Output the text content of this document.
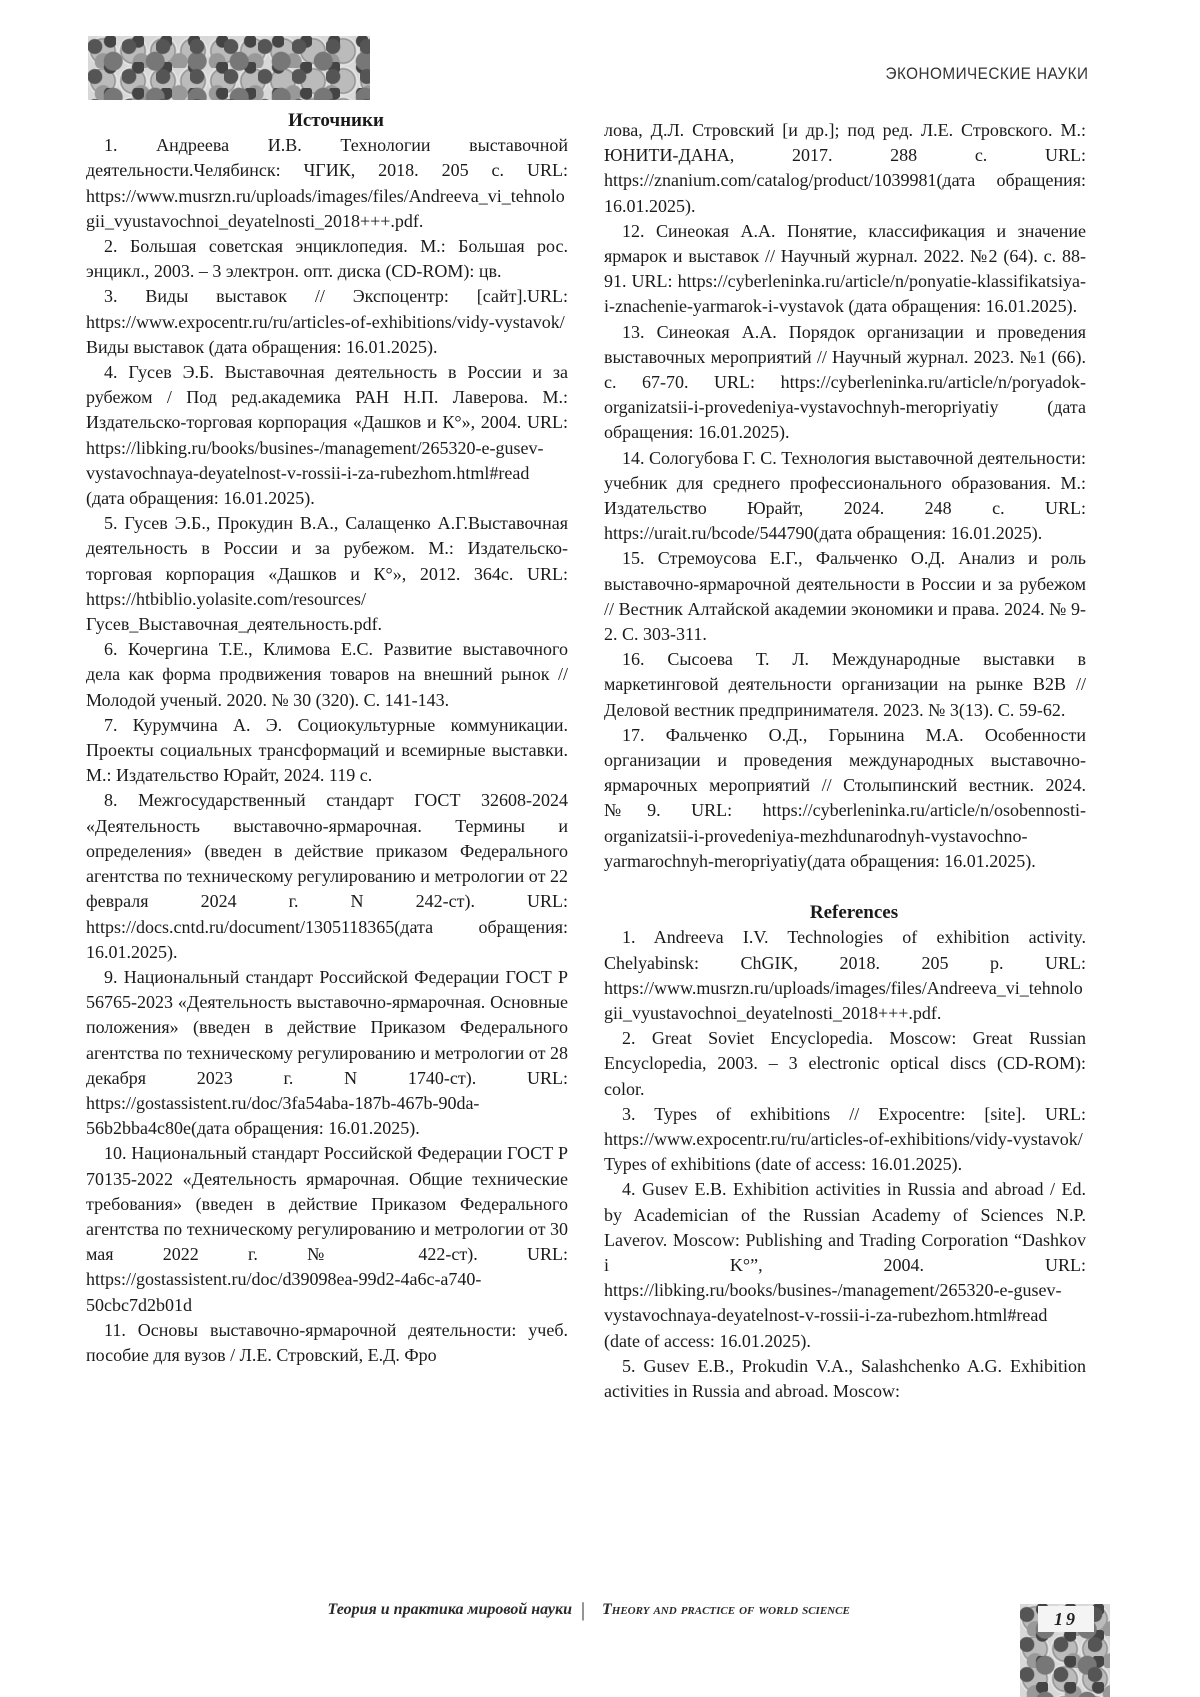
ЭКОНОМИЧЕСКИЕ НАУКИ

Источники

1. Андреева И.В. Технологии выставочной деятельности.Челябинск: ЧГИК, 2018. 205 с. URL: https://www.musrzn.ru/uploads/images/files/Andreeva_vi_tehnologii_vyustavochnoi_deyatelnosti_2018+++.pdf.

2. Большая советская энциклопедия. М.: Большая рос. энцикл., 2003. – 3 электрон. опт. диска (CD-ROM): цв.

3. Виды выставок // Экспоцентр: [сайт].URL: https://www.expocentr.ru/ru/articles-of-exhibitions/vidy-vystavok/ Виды выставок (дата обращения: 16.01.2025).

4. Гусев Э.Б. Выставочная деятельность в России и за рубежом / Под ред.академика РАН Н.П. Лаверова. М.: Издательско-торговая корпорация «Дашков и К°», 2004. URL: https://libking.ru/books/busines-/management/265320-e-gusev-vystavochnaya-deyatelnost-v-rossii-i-za-rubezhom.html#read (дата обращения: 16.01.2025).

5. Гусев Э.Б., Прокудин В.А., Салащенко А.Г.Выставочная деятельность в России и за рубежом. М.: Издательско-торговая корпорация «Дашков и К°», 2012. 364с. URL: https://htbiblio.yolasite.com/resources/Гусев_Выставочная_деятельность.pdf.

6. Кочергина Т.Е., Климова Е.С. Развитие выставочного дела как форма продвижения товаров на внешний рынок // Молодой ученый. 2020. № 30 (320). С. 141-143.

7. Курумчина А. Э. Социокультурные коммуникации. Проекты социальных трансформаций и всемирные выставки. М.: Издательство Юрайт, 2024. 119 с.

8. Межгосударственный стандарт ГОСТ 32608-2024 «Деятельность выставочно-ярмарочная. Термины и определения» (введен в действие приказом Федерального агентства по техническому регулированию и метрологии от 22 февраля 2024 г. N 242-ст). URL: https://docs.cntd.ru/document/1305118365(дата обращения: 16.01.2025).

9. Национальный стандарт Российской Федерации ГОСТ Р 56765-2023 «Деятельность выставочно-ярмарочная. Основные положения» (введен в действие Приказом Федерального агентства по техническому регулированию и метрологии от 28 декабря 2023 г. N 1740-ст). URL: https://gostassistent.ru/doc/3fa54aba-187b-467b-90da-56b2bba4c80e(дата обращения: 16.01.2025).

10. Национальный стандарт Российской Федерации ГОСТ Р 70135-2022 «Деятельность ярмарочная. Общие технические требования» (введен в действие Приказом Федерального агентства по техническому регулированию и метрологии от 30 мая 2022 г. № 422-ст). URL: https://gostassistent.ru/doc/d39098ea-99d2-4a6c-a740-50cbc7d2b01d

11. Основы выставочно-ярмарочной деятельности: учеб. пособие для вузов / Л.Е. Стровский, Е.Д. Фро

лова, Д.Л. Стровский [и др.]; под ред. Л.Е. Стровского. М.: ЮНИТИ-ДАНА, 2017. 288 с. URL: https://znanium.com/catalog/product/1039981(дата обращения: 16.01.2025).

12. Синеокая А.А. Понятие, классификация и значение ярмарок и выставок // Научный журнал. 2022. №2 (64). с. 88-91. URL: https://cyberleninka.ru/article/n/ponyatie-klassifikatsiya-i-znachenie-yarmarok-i-vystavok (дата обращения: 16.01.2025).

13. Синеокая А.А. Порядок организации и проведения выставочных мероприятий // Научный журнал. 2023. №1 (66). с. 67-70. URL: https://cyberleninka.ru/article/n/poryadok-organizatsii-i-provedeniya-vystavochnyh-meropriyatiy (дата обращения: 16.01.2025).

14. Сологубова Г. С. Технология выставочной деятельности: учебник для среднего профессионального образования. М.: Издательство Юрайт, 2024. 248 с. URL: https://urait.ru/bcode/544790(дата обращения: 16.01.2025).

15. Стремоусова Е.Г., Фальченко О.Д. Анализ и роль выставочно-ярмарочной деятельности в России и за рубежом // Вестник Алтайской академии экономики и права. 2024. № 9-2. С. 303-311.

16. Сысоева Т. Л. Международные выставки в маркетинговой деятельности организации на рынке B2B // Деловой вестник предпринимателя. 2023. № 3(13). С. 59-62.

17. Фальченко О.Д., Горынина М.А. Особенности организации и проведения международных выставочно-ярмарочных мероприятий // Столыпинский вестник. 2024. №9. URL: https://cyberleninka.ru/article/n/osobennosti-organizatsii-i-provedeniya-mezhdunarodnyh-vystavochno-yarmarochnyh-meropriyatiy(дата обращения: 16.01.2025).

References

1. Andreeva I.V. Technologies of exhibition activity. Chelyabinsk: ChGIK, 2018. 205 p. URL: https://www.musrzn.ru/uploads/images/files/Andreeva_vi_tehnologii_vyustavochnoi_deyatelnosti_2018+++.pdf.

2. Great Soviet Encyclopedia. Moscow: Great Russian Encyclopedia, 2003. – 3 electronic optical discs (CD-ROM): color.

3. Types of exhibitions // Expocentre: [site]. URL: https://www.expocentr.ru/ru/articles-of-exhibitions/vidy-vystavok/ Types of exhibitions (date of access: 16.01.2025).

4. Gusev E.B. Exhibition activities in Russia and abroad / Ed. by Academician of the Russian Academy of Sciences N.P. Laverov. Moscow: Publishing and Trading Corporation “Dashkov i K°”, 2004. URL: https://libking.ru/books/busines-/management/265320-e-gusev-vystavochnaya-deyatelnost-v-rossii-i-za-rubezhom.html#read (date of access: 16.01.2025).

5. Gusev E.B., Prokudin V.A., Salashchenko A.G. Exhibition activities in Russia and abroad. Moscow:

Теория и практика мировой науки | Theory and practice of world science	19
